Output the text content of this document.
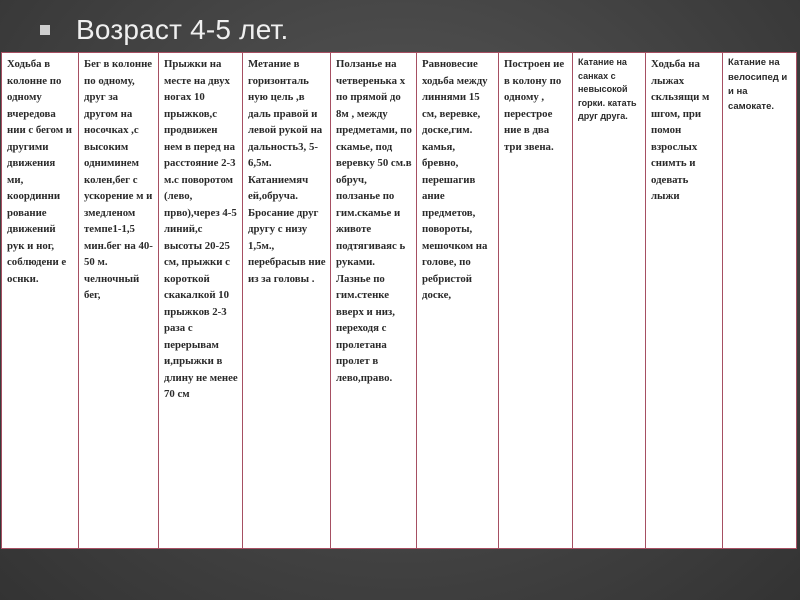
Возраст 4-5 лет.
Ходьба в колонне по одному вчередова нии с бегом и другими движения ми, координни рование движений рук и ног, соблюдени е оснки.	Бег в колонне по одному, друг за другом на носочках ,с высоким одниминем колен,бег с ускорение м и змедленом темпе1-1,5 мин.бег на 40-50 м. челночный бег,	Прыжки на месте на двух ногах 10 прыжков,с продвижен нем в перед на расстояние 2-3 м.с поворотом (лево, прво),через 4-5 линий,с высоты 20-25 см, прыжки с короткой скакалкой 10 прыжков 2-3 раза с перерывам и,прыжки в длину не менее 70 см	Метание в горизонталь ную цель ,в даль правой и левой рукой на дальность3, 5-6,5м. Катаниемяч ей,обруча. Бросание друг другу с низу 1,5м., перебрасыв ние из за головы .	Ползанье на четверенька х по прямой до 8м , между предметами, по скамье, под веревку 50 см.в обруч, ползанье по гим.скамье и животе подтягиваяс ь руками. Лазнье по гим.стенке вверх и низ, переходя с пролетана пролет в лево,право.	Равновесие ходьба между линнями 15 см, веревке, доске,гим. камья, бревно, перешагив ание предметов, повороты, мешочком на голове, по ребристой доске,	Построен ие в колону по одному , перестрое ние в два три звена.	Катание на санках с невысокой горки. катать друг друга.	Ходьба на лыжах скльзящи м шгом, при помон взрослых снимть и одевать лыжи	Катание на велосипед и и на самокате.
